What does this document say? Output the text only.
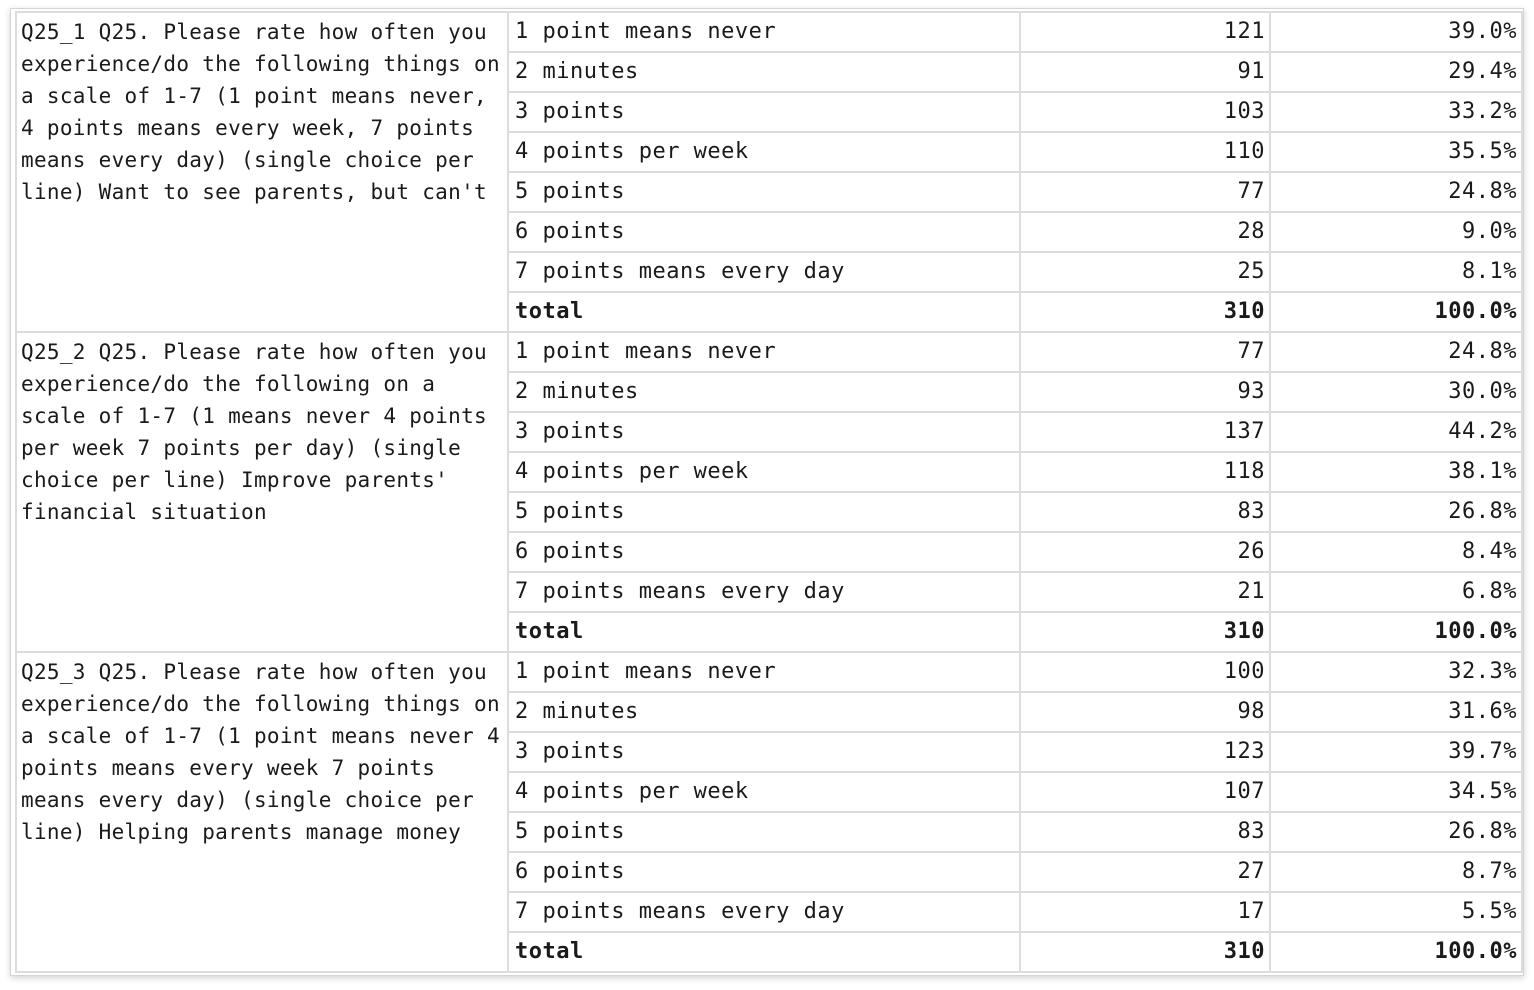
Q25_1 Q25. Please rate how often you experience/do the following things on a scale of 1-7 (1 point means never, 4 points means every week, 7 points means every day) (single choice per line) Want to see parents, but can't	1 point means never	121	39.0%
	2 minutes	91	29.4%
	3 points	103	33.2%
	4 points per week	110	35.5%
	5 points	77	24.8%
	6 points	28	9.0%
	7 points means every day	25	8.1%
	total	310	100.0%
Q25_2 Q25. Please rate how often you experience/do the following on a scale of 1-7 (1 means never 4 points per week 7 points per day) (single choice per line) Improve parents' financial situation	1 point means never	77	24.8%
	2 minutes	93	30.0%
	3 points	137	44.2%
	4 points per week	118	38.1%
	5 points	83	26.8%
	6 points	26	8.4%
	7 points means every day	21	6.8%
	total	310	100.0%
Q25_3 Q25. Please rate how often you experience/do the following things on a scale of 1-7 (1 point means never 4 points means every week 7 points means every day) (single choice per line) Helping parents manage money	1 point means never	100	32.3%
	2 minutes	98	31.6%
	3 points	123	39.7%
	4 points per week	107	34.5%
	5 points	83	26.8%
	6 points	27	8.7%
	7 points means every day	17	5.5%
	total	310	100.0%
